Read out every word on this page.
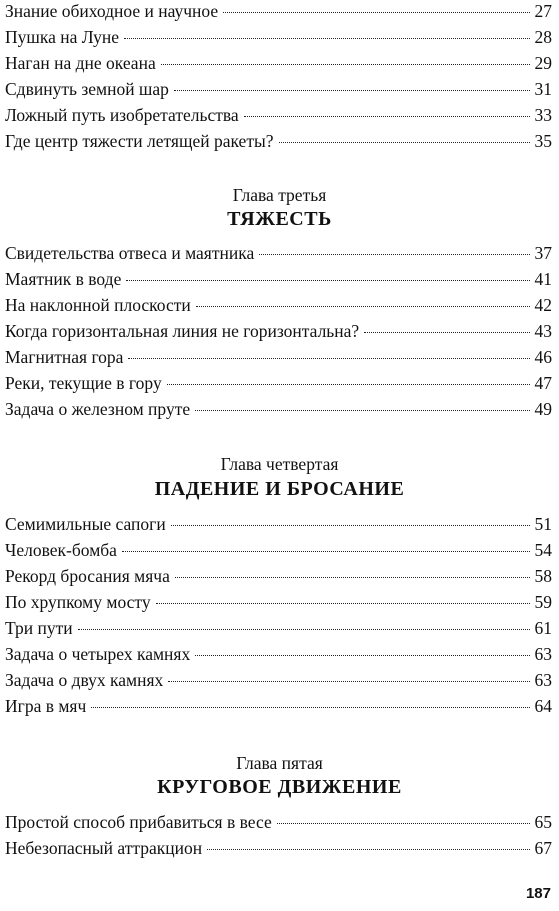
Знание обиходное и научное	27
Пушка на Луне	28
Наган на дне океана	29
Сдвинуть земной шар	31
Ложный путь изобретательства	33
Где центр тяжести летящей ракеты?	35
Глава третья
ТЯЖЕСТЬ
Свидетельства отвеса и маятника	37
Маятник в воде	41
На наклонной плоскости	42
Когда горизонтальная линия не горизонтальна?	43
Магнитная гора	46
Реки, текущие в гору	47
Задача о железном пруте	49
Глава четвертая
ПАДЕНИЕ И БРОСАНИЕ
Семимильные сапоги	51
Человек-бомба	54
Рекорд бросания мяча	58
По хрупкому мосту	59
Три пути	61
Задача о четырех камнях	63
Задача о двух камнях	63
Игра в мяч	64
Глава пятая
КРУГОВОЕ ДВИЖЕНИЕ
Простой способ прибавиться в весе	65
Небезопасный аттракцион	67
187
